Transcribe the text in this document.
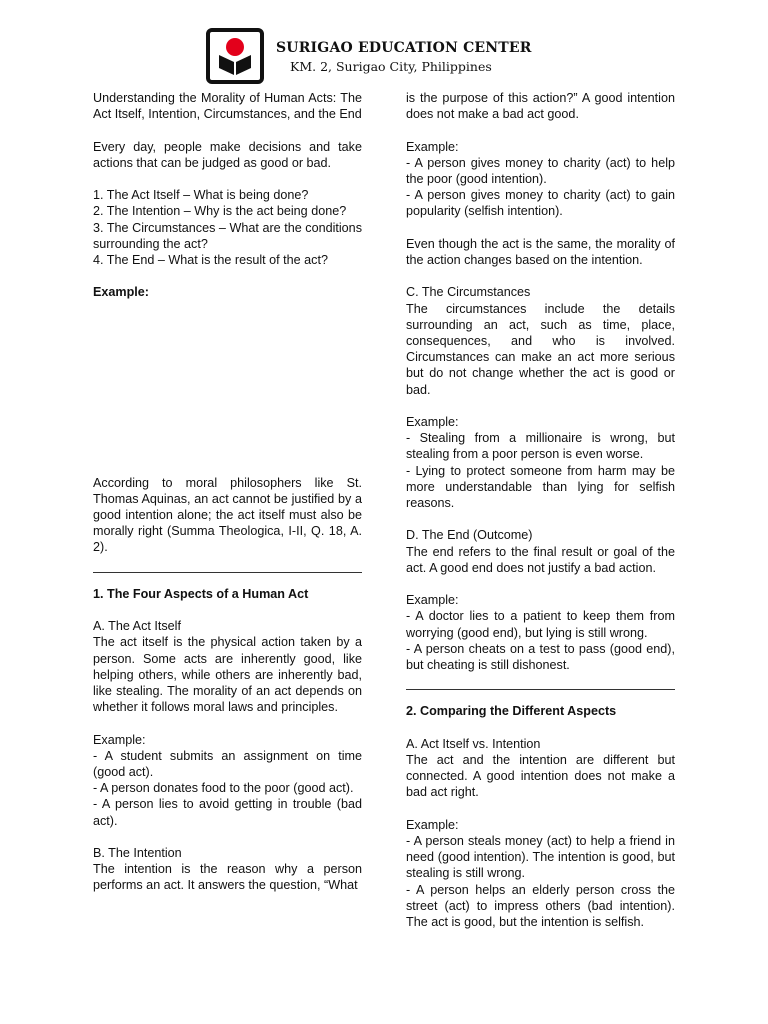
SURIGAO EDUCATION CENTER
KM. 2, Surigao City, Philippines

Understanding the Morality of Human Acts: The Act Itself, Intention, Circumstances, and the End

Every day, people make decisions and take actions that can be judged as good or bad.

1. The Act Itself – What is being done?

2. The Intention – Why is the act being done?

3. The Circumstances – What are the conditions surrounding the act?

4. The End – What is the result of the act?

Example:

According to moral philosophers like St. Thomas Aquinas, an act cannot be justified by a good intention alone; the act itself must also be morally right (Summa Theologica, I-II, Q. 18, A. 2).

1. The Four Aspects of a Human Act

A. The Act Itself

The act itself is the physical action taken by a person. Some acts are inherently good, like helping others, while others are inherently bad, like stealing. The morality of an act depends on whether it follows moral laws and principles.

Example:

- A student submits an assignment on time (good act).

- A person donates food to the poor (good act).

- A person lies to avoid getting in trouble (bad act).

B. The Intention

The intention is the reason why a person performs an act. It answers the question, “What

is the purpose of this action?” A good intention does not make a bad act good.

Example:

- A person gives money to charity (act) to help the poor (good intention).

- A person gives money to charity (act) to gain popularity (selfish intention).

Even though the act is the same, the morality of the action changes based on the intention.

C. The Circumstances

The circumstances include the details surrounding an act, such as time, place, consequences, and who is involved. Circumstances can make an act more serious but do not change whether the act is good or bad.

Example:

- Stealing from a millionaire is wrong, but stealing from a poor person is even worse.

- Lying to protect someone from harm may be more understandable than lying for selfish reasons.

D. The End (Outcome)

The end refers to the final result or goal of the act. A good end does not justify a bad action.

Example:

- A doctor lies to a patient to keep them from worrying (good end), but lying is still wrong.

- A person cheats on a test to pass (good end), but cheating is still dishonest.

2. Comparing the Different Aspects

A. Act Itself vs. Intention

The act and the intention are different but connected. A good intention does not make a bad act right.

Example:

- A person steals money (act) to help a friend in need (good intention). The intention is good, but stealing is still wrong.

- A person helps an elderly person cross the street (act) to impress others (bad intention). The act is good, but the intention is selfish.
